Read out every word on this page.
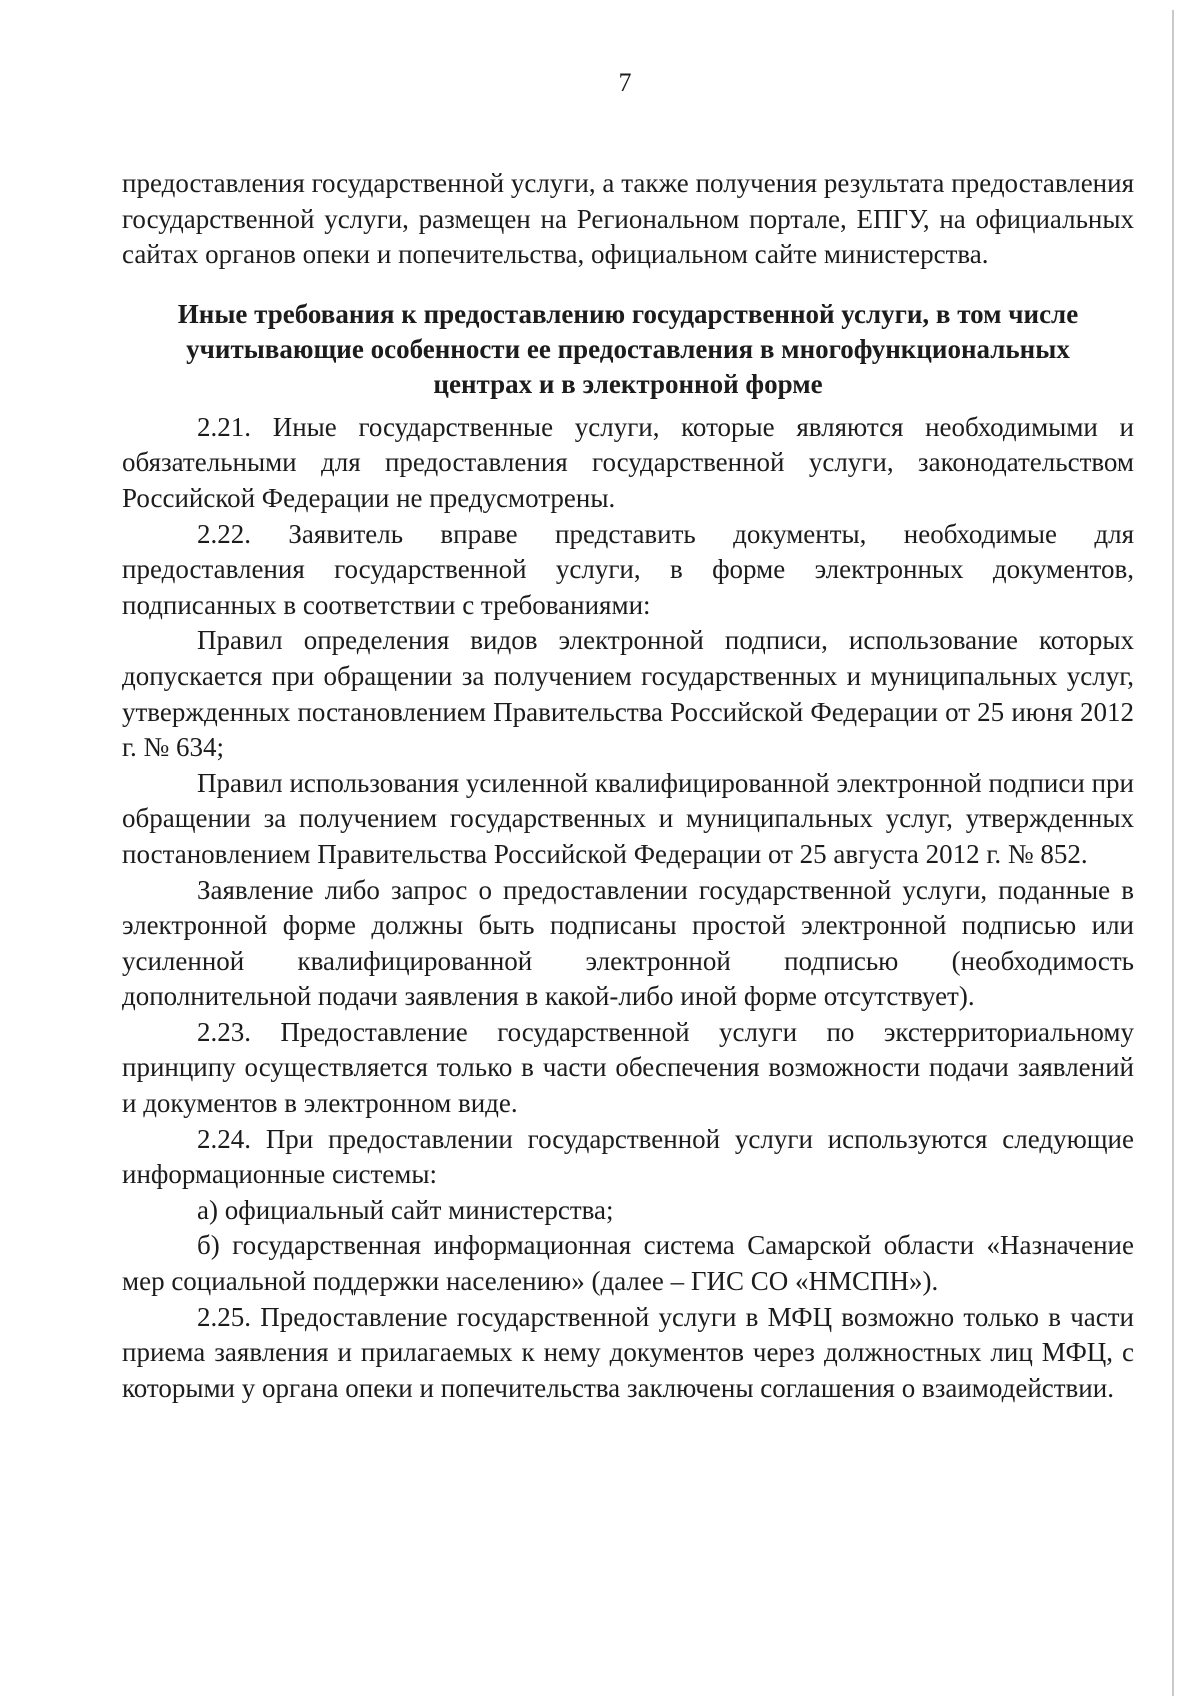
7

предоставления государственной услуги, а также получения результата предоставления государственной услуги, размещен на Региональном портале, ЕПГУ, на официальных сайтах органов опеки и попечительства, официальном сайте министерства.

Иные требования к предоставлению государственной услуги, в том числе
учитывающие особенности ее предоставления в многофункциональных
центрах и в электронной форме

2.21. Иные государственные услуги, которые являются необходимыми и обязательными для предоставления государственной услуги, законодательством Российской Федерации не предусмотрены.

2.22. Заявитель вправе представить документы, необходимые для предоставления государственной услуги, в форме электронных документов, подписанных в соответствии с требованиями:

Правил определения видов электронной подписи, использование которых допускается при обращении за получением государственных и муниципальных услуг, утвержденных постановлением Правительства Российской Федерации от 25 июня 2012 г. № 634;

Правил использования усиленной квалифицированной электронной подписи при обращении за получением государственных и муниципальных услуг, утвержденных постановлением Правительства Российской Федерации от 25 августа 2012 г. № 852.

Заявление либо запрос о предоставлении государственной услуги, поданные в электронной форме должны быть подписаны простой электронной подписью или усиленной квалифицированной электронной подписью (необходимость дополнительной подачи заявления в какой-либо иной форме отсутствует).

2.23. Предоставление государственной услуги по экстерриториальному принципу осуществляется только в части обеспечения возможности подачи заявлений и документов в электронном виде.

2.24. При предоставлении государственной услуги используются следующие информационные системы:

а) официальный сайт министерства;

б) государственная информационная система Самарской области «Назначение мер социальной поддержки населению» (далее – ГИС СО «НМСПН»).

2.25. Предоставление государственной услуги в МФЦ возможно только в части приема заявления и прилагаемых к нему документов через должностных лиц МФЦ, с которыми у органа опеки и попечительства заключены соглашения о взаимодействии.
